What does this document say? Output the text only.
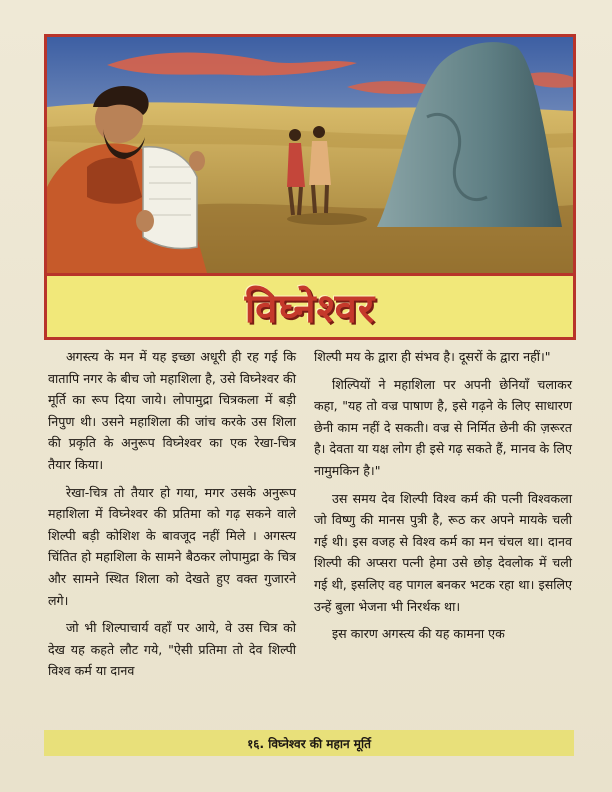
विघ्नेश्वर

अगस्त्य के मन में यह इच्छा अधूरी ही रह गई कि वातापि नगर के बीच जो महाशिला है, उसे विघ्नेश्वर की मूर्ति का रूप दिया जाये। लोपामुद्रा चित्रकला में बड़ी निपुण थी। उसने महाशिला की जांच करके उस शिला की प्रकृति के अनुरूप विघ्नेश्वर का एक रेखा-चित्र तैयार किया।

रेखा-चित्र तो तैयार हो गया, मगर उसके अनुरूप महाशिला में विघ्नेश्वर की प्रतिमा को गढ़ सकने वाले शिल्पी बड़ी कोशिश के बावजूद नहीं मिले । अगस्त्य चिंतित हो महाशिला के सामने बैठकर लोपामुद्रा के चित्र और सामने स्थित शिला को देखते हुए वक्त गुजारने लगे।

जो भी शिल्पाचार्य वहाँ पर आये, वे उस चित्र को देख यह कहते लौट गये, "ऐसी प्रतिमा तो देव शिल्पी विश्व कर्म या दानव

शिल्पी मय के द्वारा ही संभव है। दूसरों के द्वारा नहीं।"

शिल्पियों ने महाशिला पर अपनी छेनियाँ चलाकर कहा, "यह तो वज्र पाषाण है, इसे गढ़ने के लिए साधारण छेनी काम नहीं दे सकती। वज्र से निर्मित छेनी की ज़रूरत है। देवता या यक्ष लोग ही इसे गढ़ सकते हैं, मानव के लिए नामुमकिन है।"

उस समय देव शिल्पी विश्व कर्म की पत्नी विश्वकला जो विष्णु की मानस पुत्री है, रूठ कर अपने मायके चली गई थी। इस वजह से विश्व कर्म का मन चंचल था। दानव शिल्पी की अप्सरा पत्नी हेमा उसे छोड़ देवलोक में चली गई थी, इसलिए वह पागल बनकर भटक रहा था। इसलिए उन्हें बुला भेजना भी निरर्थक था।

इस कारण अगस्त्य की यह कामना एक

१६. विघ्नेश्वर की महान मूर्ति
